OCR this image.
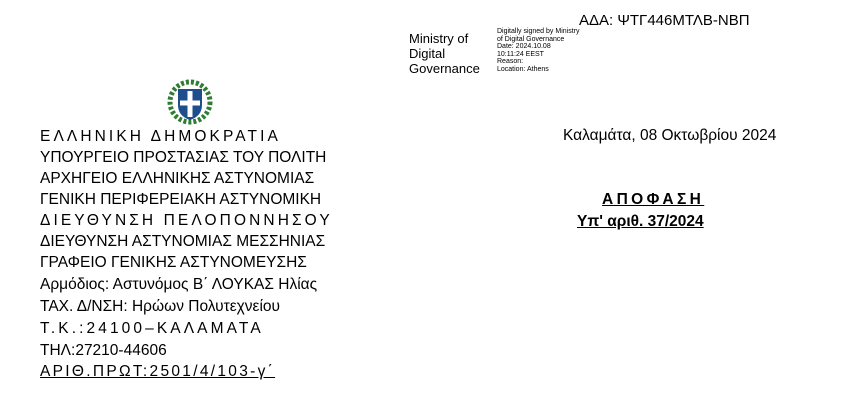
ΑΔΑ: ΨΤΓ446ΜΤΛΒ-ΝΒΠ
Ministry of
Digital
Governance
Digitally signed by Ministry
of Digital Governance
Date: 2024.10.08
10:11:24 EEST
Reason:
Location: Athens
ΕΛΛΗΝΙΚΗ ΔΗΜΟΚΡΑΤΙΑ
ΥΠΟΥΡΓΕΙΟ ΠΡΟΣΤΑΣΙΑΣ ΤΟΥ ΠΟΛΙΤΗ
ΑΡΧΗΓΕΙΟ ΕΛΛΗΝΙΚΗΣ ΑΣΤΥΝΟΜΙΑΣ
ΓΕΝΙΚΗ ΠΕΡΙΦΕΡΕΙΑΚΗ ΑΣΤΥΝΟΜΙΚΗ
ΔΙΕΥΘΥΝΣΗ ΠΕΛΟΠΟΝΝΗΣΟΥ
ΔΙΕΥΘΥΝΣΗ ΑΣΤΥΝΟΜΙΑΣ ΜΕΣΣΗΝΙΑΣ
ΓΡΑΦΕΙΟ ΓΕΝΙΚΗΣ ΑΣΤΥΝΟΜΕΥΣΗΣ
Αρμόδιος: Αστυνόμος Β΄ ΛΟΥΚΑΣ Ηλίας
ΤΑΧ. Δ/ΝΣΗ: Ηρώων Πολυτεχνείου
Τ.Κ.:24100–ΚΑΛΑΜΑΤΑ
ΤΗΛ:27210-44606
ΑΡΙΘ.ΠΡΩΤ:2501/4/103-γ΄
Καλαμάτα, 08 Οκτωβρίου 2024
ΑΠΟΦΑΣΗ
Υπ' αριθ. 37/2024
